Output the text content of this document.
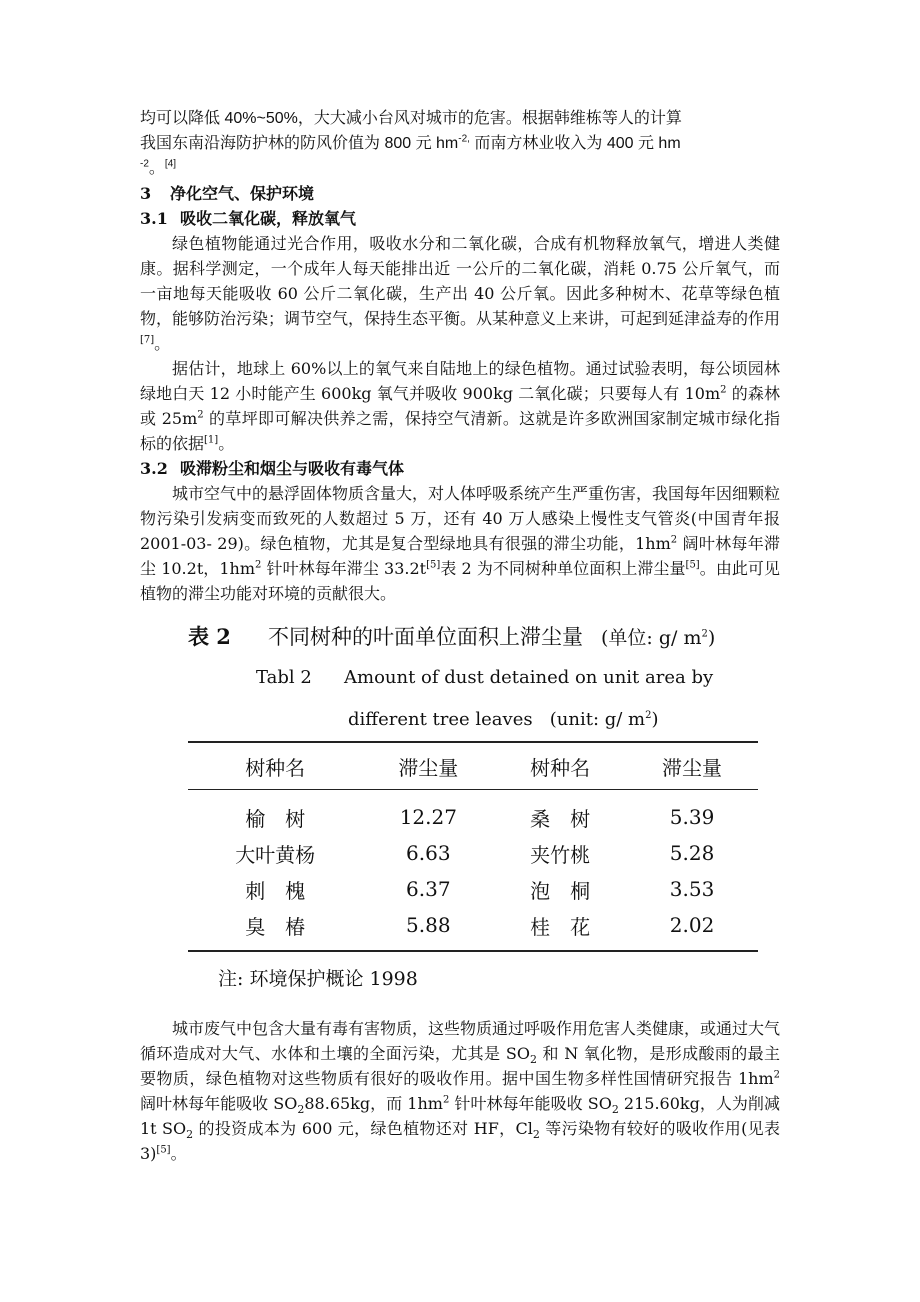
均可以降低 40%~50%，大大减小台风对城市的危害。根据韩维栋等人的计算
我国东南沿海防护林的防风价值为 800 元 $hm^{-2,}$ 而南方林业收入为 400 元 hm
$^{-2}$。[4]

3 净化空气、保护环境
3.1 吸收二氧化碳，释放氧气

绿色植物能通过光合作用，吸收水分和二氧化碳，合成有机物释放氧气，增进人类健康。据科学测定，一个成年人每天能排出近 一公斤的二氧化碳，消耗 0.75 公斤氧气，而一亩地每天能吸收 60 公斤二氧化碳，生产出 40 公斤氧。因此多种树木、花草等绿色植物，能够防治污染；调节空气，保持生态平衡。从某种意义上来讲，可起到延津益寿的作用[7]。

据估计，地球上 60%以上的氧气来自陆地上的绿色植物。通过试验表明，每公顷园林绿地白天 12 小时能产生 600kg 氧气并吸收 900kg 二氧化碳；只要每人有 $10m^2$ 的森林或 $25m^2$ 的草坪即可解决供养之需，保持空气清新。这就是许多欧洲国家制定城市绿化指标的依据[1]。

3.2 吸滞粉尘和烟尘与吸收有毒气体

城市空气中的悬浮固体物质含量大，对人体呼吸系统产生严重伤害，我国每年因细颗粒物污染引发病变而致死的人数超过 5 万，还有 40 万人感染上慢性支气管炎(中国青年报 2001-03- 29)。绿色植物，尤其是复合型绿地具有很强的滞尘功能，$1hm^2$ 阔叶林每年滞尘 10.2t，$1hm^2$ 针叶林每年滞尘 33.2t[5]表 2 为不同树种单位面积上滞尘量[5]。由此可见植物的滞尘功能对环境的贡献很大。

表 2 不同树种的叶面单位面积上滞尘量 (单位: g/ $m^2$)
Tabl 2 Amount of dust detained on unit area by
different tree leaves (unit: g/ $m^2$)
树种名	滞尘量	树种名	滞尘量
榆　树	12.27	桑　树	5.39
大叶黄杨	6.63	夹竹桃	5.28
刺　槐	6.37	泡　桐	3.53
臭　椿	5.88	桂　花	2.02
注: 环境保护概论 1998

城市废气中包含大量有毒有害物质，这些物质通过呼吸作用危害人类健康，或通过大气循环造成对大气、水体和土壤的全面污染，尤其是 $SO_2$ 和 N 氧化物，是形成酸雨的最主要物质，绿色植物对这些物质有很好的吸收作用。据中国生物多样性国情研究报告 $1hm^2$ 阔叶林每年能吸收 $SO_288.65kg$，而 $1hm^2$ 针叶林每年能吸收 $SO_2$ 215.60kg，人为削减 1t $SO_2$ 的投资成本为 600 元，绿色植物还对 HF，$Cl_2$ 等污染物有较好的吸收作用(见表 3)[5]。
